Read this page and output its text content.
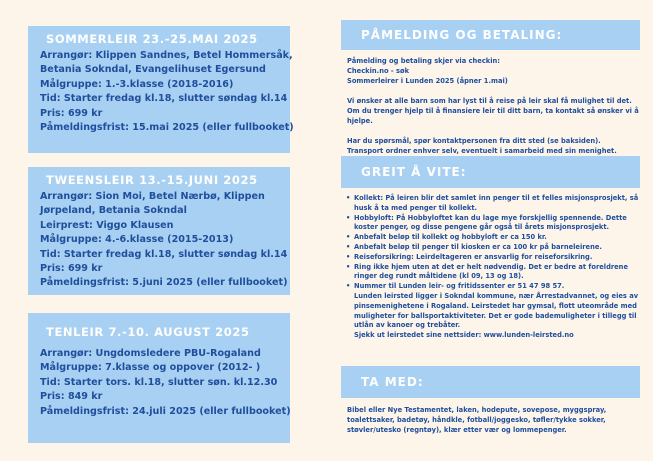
SOMMERLEIR 23.-25.MAI 2025
Arrangør: Klippen Sandnes, Betel Hommersåk,
Betania Sokndal, Evangelihuset Egersund
Målgruppe: 1.-3.klasse (2018-2016)
Tid: Starter fredag kl.18, slutter søndag kl.14
Pris: 699 kr
Påmeldingsfrist: 15.mai 2025 (eller fullbooket)
TWEENSLEIR 13.-15.JUNI 2025
Arrangør: Sion Moi, Betel Nærbø, Klippen
Jørpeland, Betania Sokndal
Leirprest: Viggo Klausen
Målgruppe: 4.-6.klasse (2015-2013)
Tid: Starter fredag kl.18, slutter søndag kl.14
Pris: 699 kr
Påmeldingsfrist: 5.juni 2025 (eller fullbooket)
TENLEIR 7.-10. AUGUST 2025
Arrangør: Ungdomsledere PBU-Rogaland
Målgruppe: 7.klasse og oppover (2012- )
Tid: Starter tors. kl.18, slutter søn. kl.12.30
Pris: 849 kr
Påmeldingsfrist: 24.juli 2025 (eller fullbooket)
PÅMELDING OG BETALING:

Påmelding og betaling skjer via checkin:

Checkin.no - søk

Sommerleirer i Lunden 2025 (åpner 1.mai)

Vi ønsker at alle barn som har lyst til å reise på leir skal få mulighet til det. Om du trenger hjelp til å finansiere leir til ditt barn, ta kontakt så ønsker vi å hjelpe.

Har du spørsmål, spør kontaktpersonen fra ditt sted (se baksiden).

Transport ordner enhver selv, eventuelt i samarbeid med sin menighet.

GREIT Å VITE:
• Kollekt: På leiren blir det samlet inn penger til et felles misjonsprosjekt, så husk å ta med penger til kollekt.
• Hobbyloft: På Hobbyloftet kan du lage mye forskjellig spennende. Dette koster penger, og disse pengene går også til årets misjonsprosjekt.
• Anbefalt beløp til kollekt og hobbyloft er ca 150 kr.
• Anbefalt beløp til penger til kiosken er ca 100 kr på barneleirene.
• Reiseforsikring: Leirdeltageren er ansvarlig for reiseforsikring.
• Ring ikke hjem uten at det er helt nødvendig. Det er bedre at foreldrene ringer deg rundt måltidene (kl 09, 13 og 18).
• Nummer til Lunden leir- og fritidssenter er 51 47 98 57.
Lunden leirsted ligger i Sokndal kommune, nær Årrestadvannet, og eies av pinsemenighetene i Rogaland. Leirstedet har gymsal, flott uteområde med muligheter for ballsportaktiviteter. Det er gode bademuligheter i tillegg til utlån av kanoer og trebåter.
Sjekk ut leirstedet sine nettsider: www.lunden-leirsted.no
TA MED:

Bibel eller Nye Testamentet, laken, hodepute, sovepose, myggspray, toalettsaker, badetøy, håndkle, fotball/joggesko, tøfler/tykke sokker, støvler/utesko (regntøy), klær etter vær og lommepenger.
